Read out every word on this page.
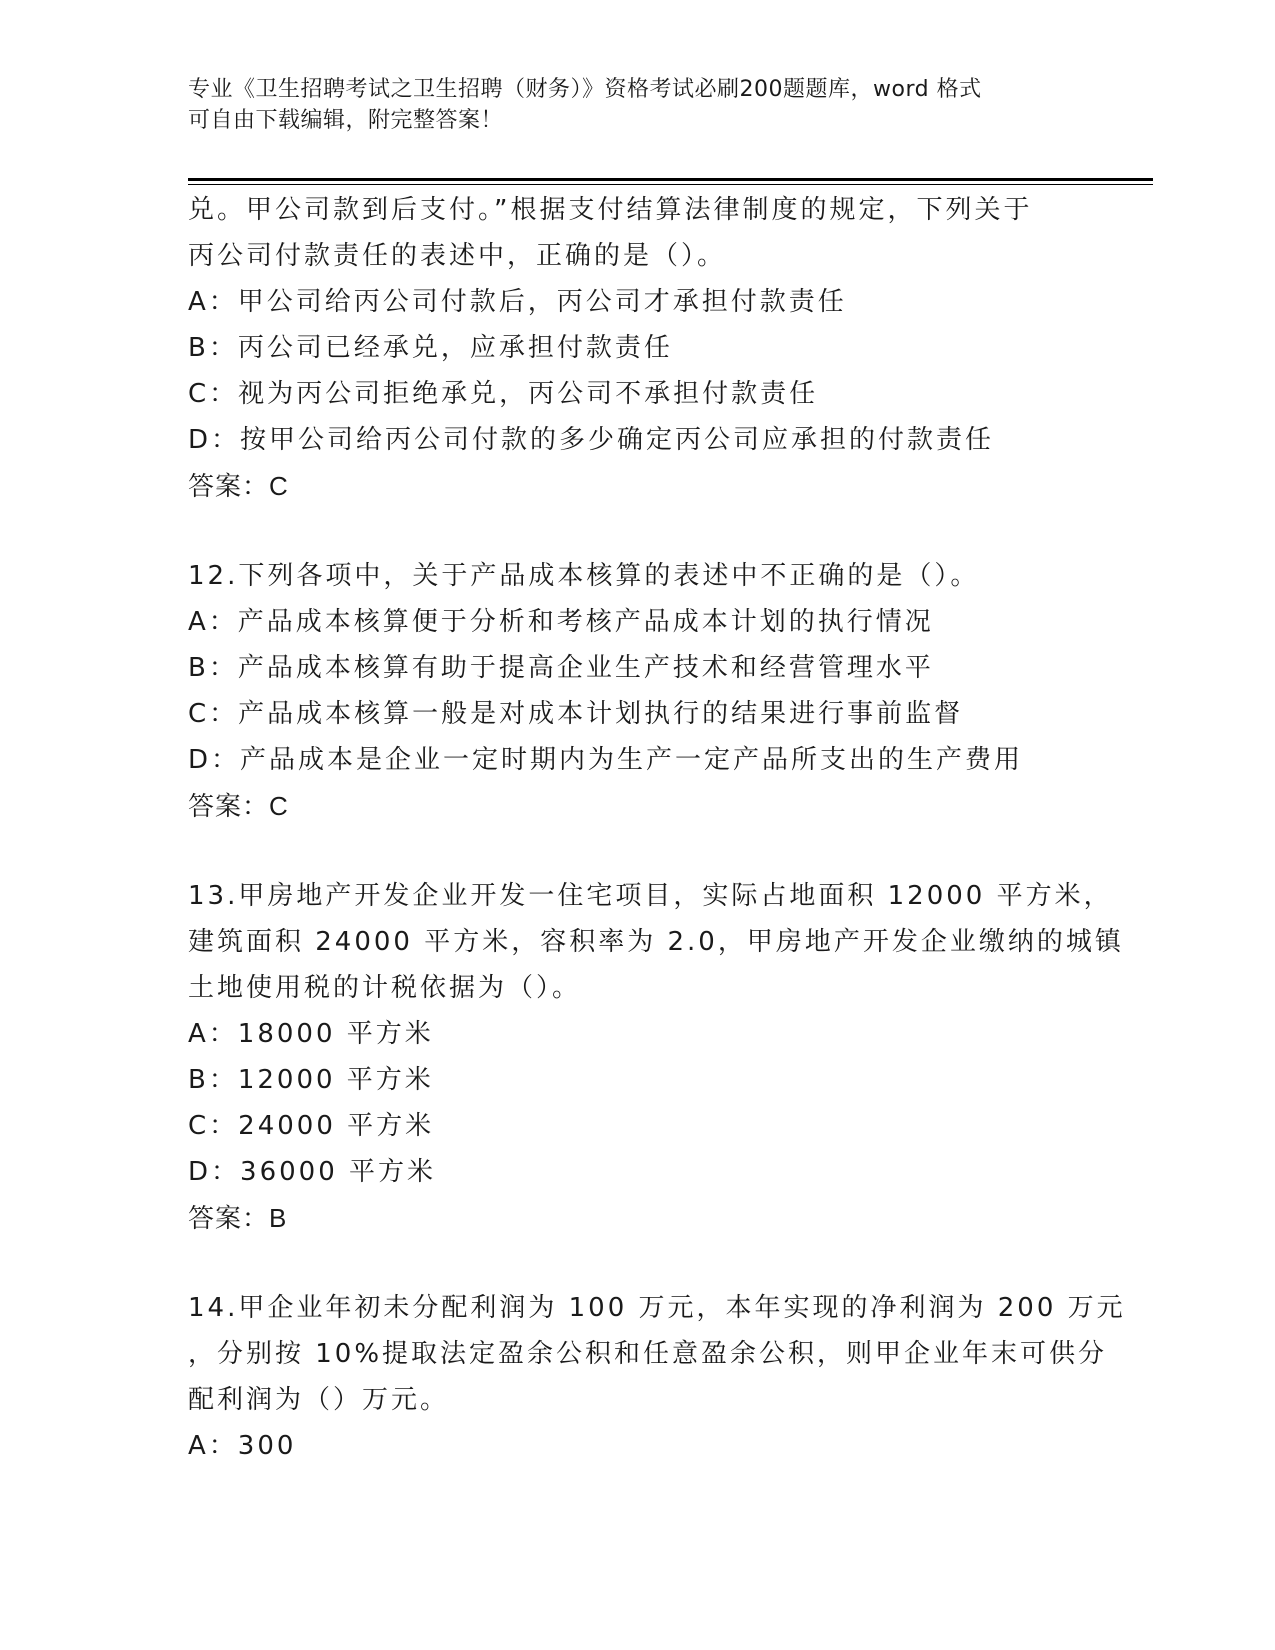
专业《卫生招聘考试之卫生招聘（财务）》资格考试必刷200题题库，word 格式
可自由下载编辑，附完整答案！
兑。甲公司款到后支付。”根据支付结算法律制度的规定，下列关于
丙公司付款责任的表述中，正确的是（）。
A：甲公司给丙公司付款后，丙公司才承担付款责任
B：丙公司已经承兑，应承担付款责任
C：视为丙公司拒绝承兑，丙公司不承担付款责任
D：按甲公司给丙公司付款的多少确定丙公司应承担的付款责任
答案：C
12.下列各项中，关于产品成本核算的表述中不正确的是（）。
A：产品成本核算便于分析和考核产品成本计划的执行情况
B：产品成本核算有助于提高企业生产技术和经营管理水平
C：产品成本核算一般是对成本计划执行的结果进行事前监督
D：产品成本是企业一定时期内为生产一定产品所支出的生产费用
答案：C
13.甲房地产开发企业开发一住宅项目，实际占地面积 12000 平方米，
建筑面积 24000 平方米，容积率为 2.0，甲房地产开发企业缴纳的城镇
土地使用税的计税依据为（）。
A：18000 平方米
B：12000 平方米
C：24000 平方米
D：36000 平方米
答案：B
14.甲企业年初未分配利润为 100 万元，本年实现的净利润为 200 万元
，分别按 10%提取法定盈余公积和任意盈余公积，则甲企业年末可供分
配利润为（）万元。
A：300
